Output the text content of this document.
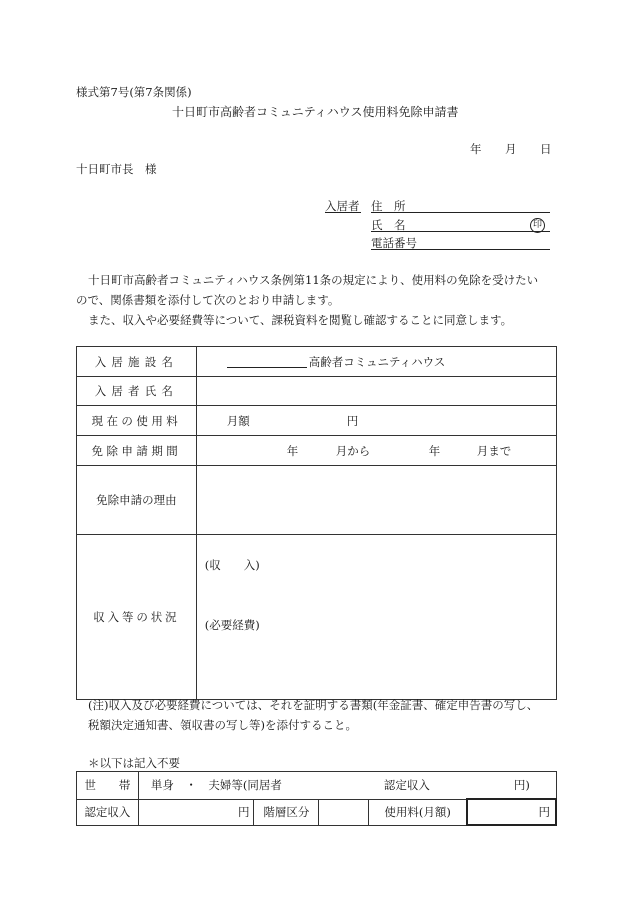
様式第7号(第7条関係)
十日町市高齢者コミュニティハウス使用料免除申請書
年 月 日
十日町市長　様
入居者 住　所
氏　名	印
電話番号
十日町市高齢者コミュニティハウス条例第11条の規定により、使用料の免除を受けたい
ので、関係書類を添付して次のとおり申請します。
また、収入や必要経費等について、課税資料を閲覧し確認することに同意します。
入居施設名	高齢者コミュニティハウス

入居者氏名	
現在の使用料	月額 円

免除申請期間	年 月から 年 月まで

免除申請の理由	
収入等の状況	(収　　入)
(必要経費)
(注)収入及び必要経費については、それを証明する書類(年金証書、確定申告書の写し、
税額決定通知書、領収書の写し等)を添付すること。
＊以下は記入不要
世　　帯	単身　・　夫婦等(同居者 認定収入 円)				

認定収入	円	階層区分		使用料(月額)	円
